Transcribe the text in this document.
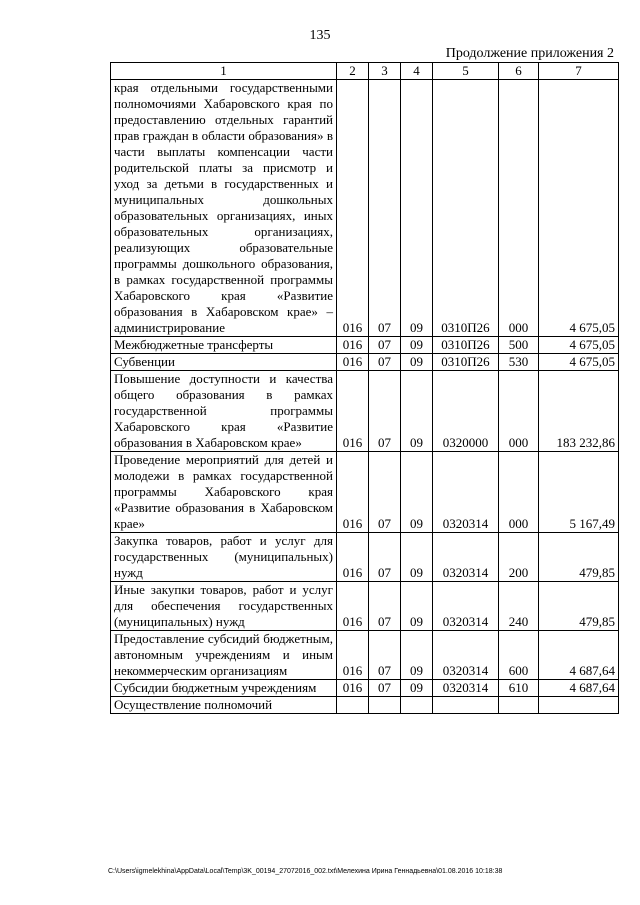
135
Продолжение приложения 2
1	2	3	4	5	6	7
края отдельными государственными полномочиями Хабаровского края по предоставлению отдельных гарантий прав граждан в области образования» в части выплаты компенсации части родительской платы за присмотр и уход за детьми в государственных и муниципальных дошкольных образовательных организациях, иных образовательных организациях, реализующих образовательные программы дошкольного образования, в рамках государственной программы Хабаровского края «Развитие образования в Хабаровском крае» – администрирование	016	07	09	0310П26	000	4 675,05
Межбюджетные трансферты	016	07	09	0310П26	500	4 675,05
Субвенции	016	07	09	0310П26	530	4 675,05
Повышение доступности и качества общего образования в рамках государственной программы Хабаровского края «Развитие образования в Хабаровском крае»	016	07	09	0320000	000	183 232,86
Проведение мероприятий для детей и молодежи в рамках государственной программы Хабаровского края «Развитие образования в Хабаровском крае»	016	07	09	0320314	000	5 167,49
Закупка товаров, работ и услуг для государственных (муниципальных) нужд	016	07	09	0320314	200	479,85
Иные закупки товаров, работ и услуг для обеспечения государственных (муниципальных) нужд	016	07	09	0320314	240	479,85
Предоставление субсидий бюджетным, автономным учреждениям и иным некоммерческим организациям	016	07	09	0320314	600	4 687,64
Субсидии бюджетным учреждениям	016	07	09	0320314	610	4 687,64
Осуществление полномочий						
C:\Users\igmelekhina\AppData\Local\Temp\3K_00194_27072016_002.txt\Мелехина Ирина Геннадьевна\01.08.2016 10:18:38
